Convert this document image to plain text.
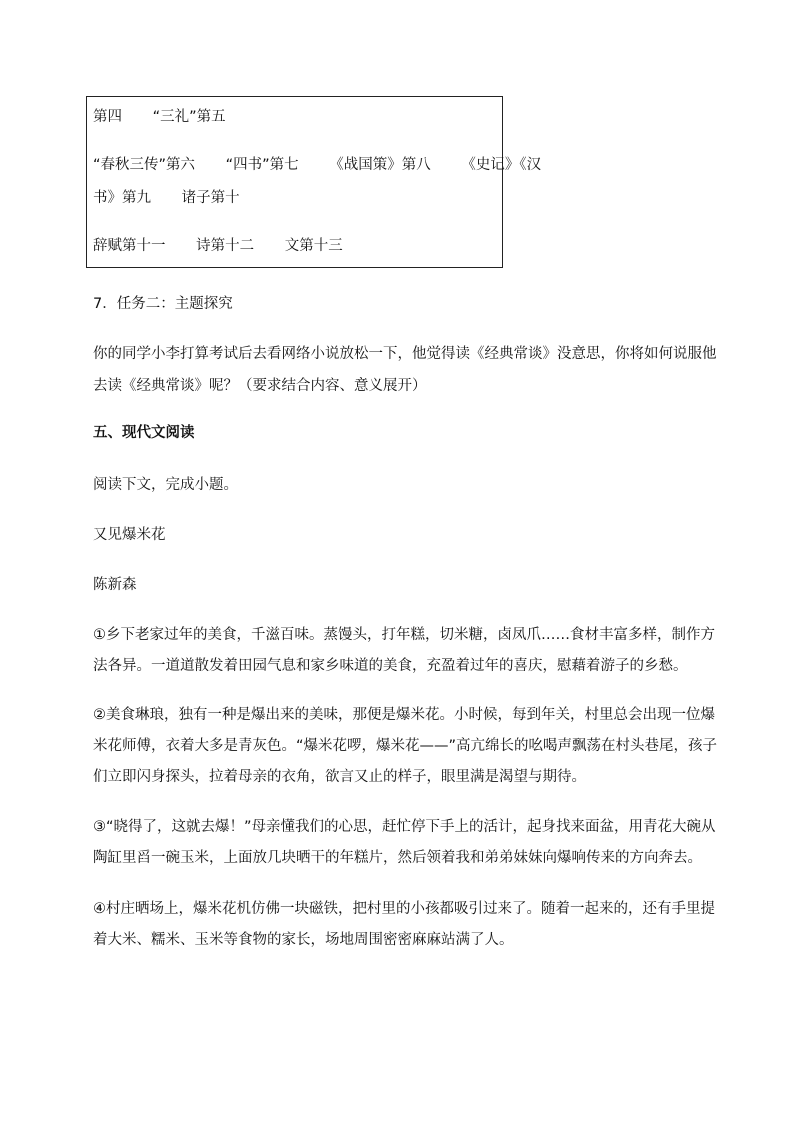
第四 “三礼”第五
“春秋三传”第六 “四书”第七 《战国策》第八 《史记》《汉
书》第九 诸子第十
辞赋第十一 诗第十二 文第十三
7．任务二：主题探究
你的同学小李打算考试后去看网络小说放松一下，他觉得读《经典常谈》没意思，你将如何说服他
去读《经典常谈》呢？（要求结合内容、意义展开）
五、现代文阅读
阅读下文，完成小题。
又见爆米花
陈新森
①乡下老家过年的美食，千滋百味。蒸馒头，打年糕，切米糖，卤凤爪……食材丰富多样，制作方
法各异。一道道散发着田园气息和家乡味道的美食，充盈着过年的喜庆，慰藉着游子的乡愁。
②美食琳琅，独有一种是爆出来的美味，那便是爆米花。小时候，每到年关，村里总会出现一位爆
米花师傅，衣着大多是青灰色。“爆米花啰，爆米花——”高亢绵长的吆喝声飘荡在村头巷尾，孩子
们立即闪身探头，拉着母亲的衣角，欲言又止的样子，眼里满是渴望与期待。
③“晓得了，这就去爆！”母亲懂我们的心思，赶忙停下手上的活计，起身找来面盆，用青花大碗从
陶缸里舀一碗玉米，上面放几块晒干的年糕片，然后领着我和弟弟妹妹向爆响传来的方向奔去。
④村庄晒场上，爆米花机仿佛一块磁铁，把村里的小孩都吸引过来了。随着一起来的，还有手里提
着大米、糯米、玉米等食物的家长，场地周围密密麻麻站满了人。
